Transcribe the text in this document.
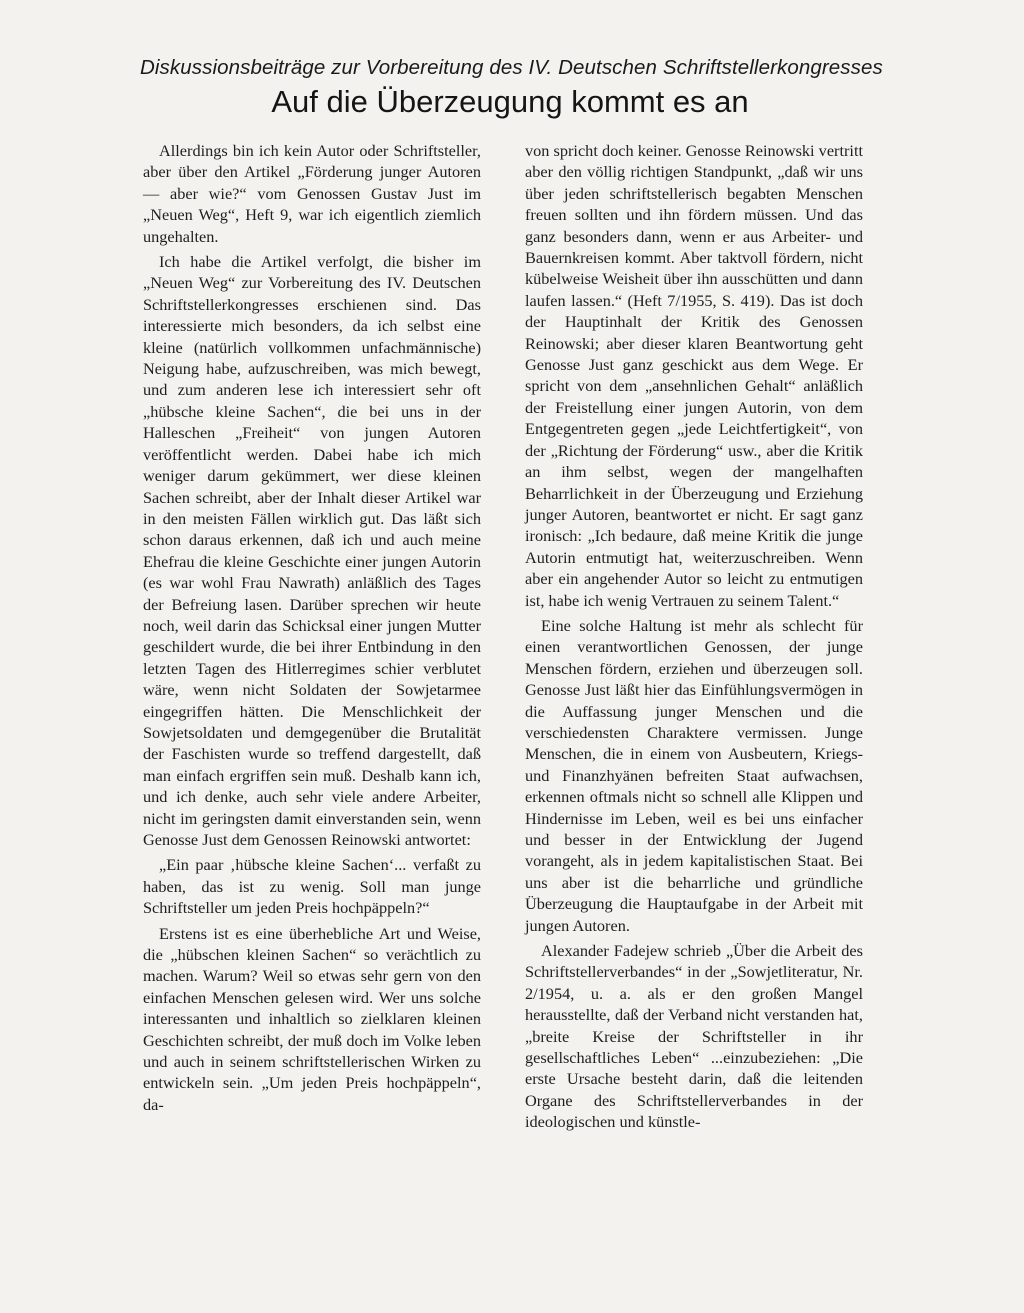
Diskussionsbeiträge zur Vorbereitung des IV. Deutschen Schriftstellerkongresses
Auf die Überzeugung kommt es an

Allerdings bin ich kein Autor oder Schriftsteller, aber über den Artikel „Förderung junger Autoren — aber wie?“ vom Genossen Gustav Just im „Neuen Weg“, Heft 9, war ich eigentlich ziemlich ungehalten.

Ich habe die Artikel verfolgt, die bisher im „Neuen Weg“ zur Vorbereitung des IV. Deutschen Schriftstellerkongresses erschienen sind. Das interessierte mich besonders, da ich selbst eine kleine (natürlich vollkommen unfachmännische) Neigung habe, aufzuschreiben, was mich bewegt, und zum anderen lese ich interessiert sehr oft „hübsche kleine Sachen“, die bei uns in der Halleschen „Freiheit“ von jungen Autoren veröffentlicht werden. Dabei habe ich mich weniger darum gekümmert, wer diese kleinen Sachen schreibt, aber der Inhalt dieser Artikel war in den meisten Fällen wirklich gut. Das läßt sich schon daraus erkennen, daß ich und auch meine Ehefrau die kleine Geschichte einer jungen Autorin (es war wohl Frau Nawrath) anläßlich des Tages der Befreiung lasen. Darüber sprechen wir heute noch, weil darin das Schicksal einer jungen Mutter geschildert wurde, die bei ihrer Entbindung in den letzten Tagen des Hitlerregimes schier verblutet wäre, wenn nicht Soldaten der Sowjetarmee eingegriffen hätten. Die Menschlichkeit der Sowjetsoldaten und demgegenüber die Brutalität der Faschisten wurde so treffend dargestellt, daß man einfach ergriffen sein muß. Deshalb kann ich, und ich denke, auch sehr viele andere Arbeiter, nicht im geringsten damit einverstanden sein, wenn Genosse Just dem Genossen Reinowski antwortet:

„Ein paar ‚hübsche kleine Sachen‘... verfaßt zu haben, das ist zu wenig. Soll man junge Schriftsteller um jeden Preis hochpäppeln?“

Erstens ist es eine überhebliche Art und Weise, die „hübschen kleinen Sachen“ so verächtlich zu machen. Warum? Weil so etwas sehr gern von den einfachen Menschen gelesen wird. Wer uns solche interessanten und inhaltlich so zielklaren kleinen Geschichten schreibt, der muß doch im Volke leben und auch in seinem schriftstellerischen Wirken zu entwickeln sein. „Um jeden Preis hochpäppeln“, da-

von spricht doch keiner. Genosse Reinowski vertritt aber den völlig richtigen Standpunkt, „daß wir uns über jeden schriftstellerisch begabten Menschen freuen sollten und ihn fördern müssen. Und das ganz besonders dann, wenn er aus Arbeiter- und Bauernkreisen kommt. Aber taktvoll fördern, nicht kübelweise Weisheit über ihn ausschütten und dann laufen lassen.“ (Heft 7/1955, S. 419). Das ist doch der Hauptinhalt der Kritik des Genossen Reinowski; aber dieser klaren Beantwortung geht Genosse Just ganz geschickt aus dem Wege. Er spricht von dem „ansehnlichen Gehalt“ anläßlich der Freistellung einer jungen Autorin, von dem Entgegentreten gegen „jede Leichtfertigkeit“, von der „Richtung der Förderung“ usw., aber die Kritik an ihm selbst, wegen der mangelhaften Beharrlichkeit in der Überzeugung und Erziehung junger Autoren, beantwortet er nicht. Er sagt ganz ironisch: „Ich bedaure, daß meine Kritik die junge Autorin entmutigt hat, weiterzuschreiben. Wenn aber ein angehender Autor so leicht zu entmutigen ist, habe ich wenig Vertrauen zu seinem Talent.“

Eine solche Haltung ist mehr als schlecht für einen verantwortlichen Genossen, der junge Menschen fördern, erziehen und überzeugen soll. Genosse Just läßt hier das Einfühlungsvermögen in die Auffassung junger Menschen und die verschiedensten Charaktere vermissen. Junge Menschen, die in einem von Ausbeutern, Kriegs- und Finanzhyänen befreiten Staat aufwachsen, erkennen oftmals nicht so schnell alle Klippen und Hindernisse im Leben, weil es bei uns einfacher und besser in der Entwicklung der Jugend vorangeht, als in jedem kapitalistischen Staat. Bei uns aber ist die beharrliche und gründliche Überzeugung die Hauptaufgabe in der Arbeit mit jungen Autoren.

Alexander Fadejew schrieb „Über die Arbeit des Schriftstellerverbandes“ in der „Sowjetliteratur, Nr. 2/1954, u. a. als er den großen Mangel herausstellte, daß der Verband nicht verstanden hat, „breite Kreise der Schriftsteller in ihr gesellschaftliches Leben“ ...einzubeziehen: „Die erste Ursache besteht darin, daß die leitenden Organe des Schriftstellerverbandes in der ideologischen und künstle-
